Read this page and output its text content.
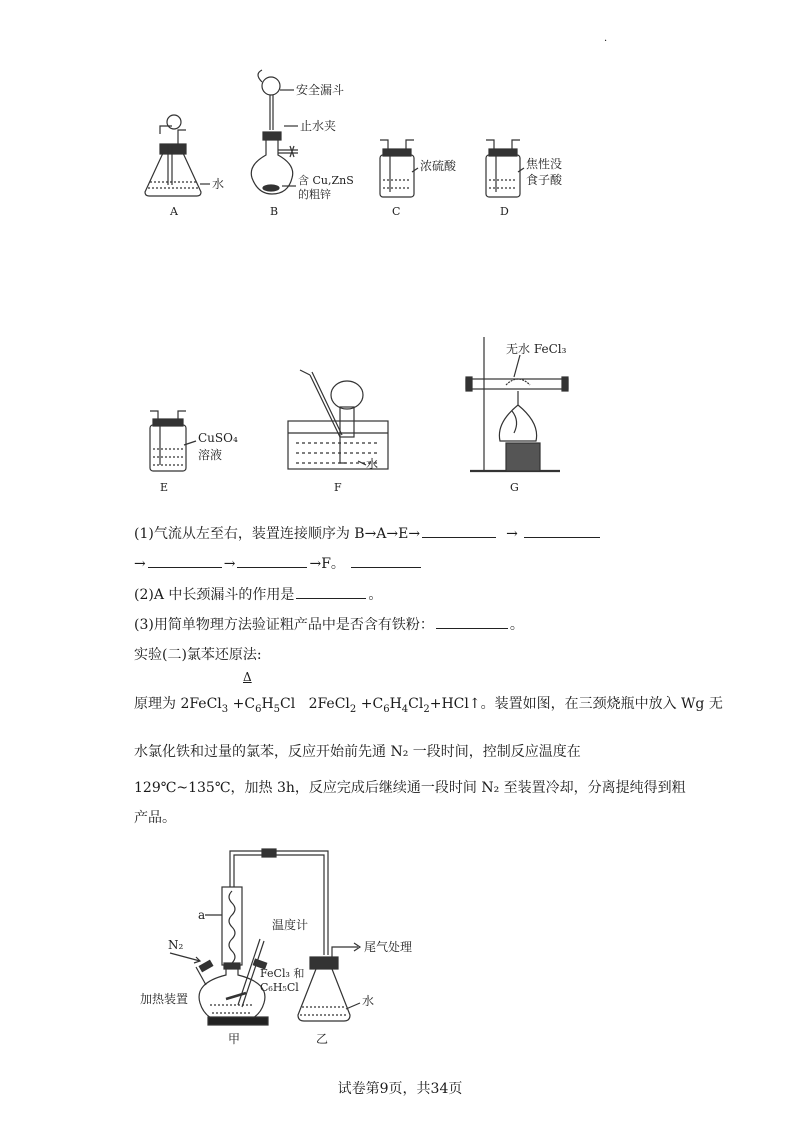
·
水
A
安全漏斗
止水夹
含 Cu,ZnS
的粗锌
B
浓硫酸
C
焦性没
食子酸
D
CuSO₄
溶液
E
水
F
无水 FeCl₃
G
(1)气流从左至右，装置连接顺序为 B→A→E→	→
→	→	→F。
(2)A 中长颈漏斗的作用是	。
(3)用简单物理方法验证粗产品中是否含有铁粉：	。
实验(二)氯苯还原法:
Δ
原理为 2FeCl$_3$ $+C_6H_5Cl$   2FeCl$_2$ $+C_6H_4Cl_2+HCl↑$。装置如图，在三颈烧瓶中放入 Wg 无
水氯化铁和过量的氯苯，反应开始前先通 N₂ 一段时间，控制反应温度在
129℃~135℃，加热 3h，反应完成后继续通一段时间 N₂ 至装置冷却，分离提纯得到粗
产品。
a
温度计
N₂
FeCl₃ 和
C₆H₅Cl
加热装置
尾气处理
水
甲	乙
试卷第9页，共34页
